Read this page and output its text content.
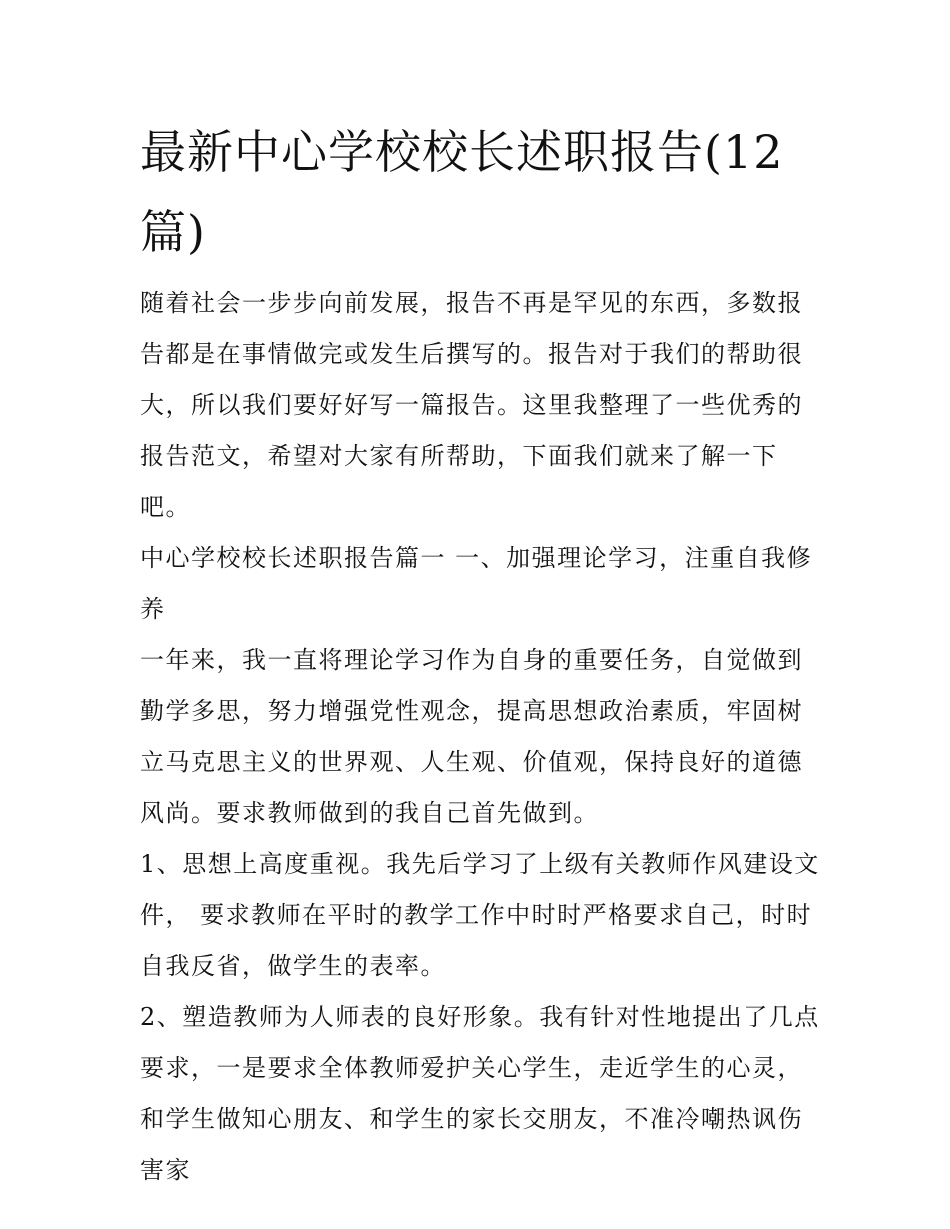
最新中心学校校长述职报告(12
篇)

随着社会一步步向前发展，报告不再是罕见的东西，多数报告都是在事情做完或发生后撰写的。报告对于我们的帮助很大，所以我们要好好写一篇报告。这里我整理了一些优秀的报告范文，希望对大家有所帮助，下面我们就来了解一下吧。

中心学校校长述职报告篇一 一、加强理论学习，注重自我修养

一年来，我一直将理论学习作为自身的重要任务，自觉做到勤学多思，努力增强党性观念，提高思想政治素质，牢固树立马克思主义的世界观、人生观、价值观，保持良好的道德风尚。要求教师做到的我自己首先做到。

1、思想上高度重视。我先后学习了上级有关教师作风建设文件， 要求教师在平时的教学工作中时时严格要求自己，时时自我反省，做学生的表率。

2、塑造教师为人师表的良好形象。我有针对性地提出了几点要求，一是要求全体教师爱护关心学生，走近学生的心灵，和学生做知心朋友、和学生的家长交朋友，不准冷嘲热讽伤害家
